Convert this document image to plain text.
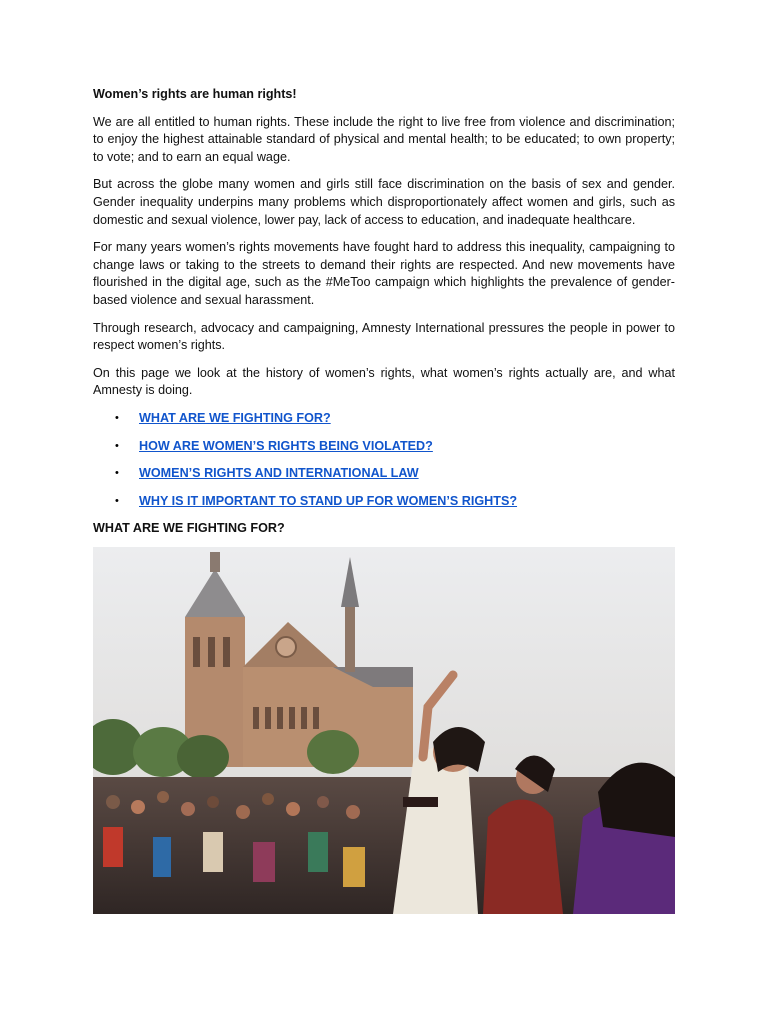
Women’s rights are human rights!

We are all entitled to human rights. These include the right to live free from violence and discrimination; to enjoy the highest attainable standard of physical and mental health; to be educated; to own property; to vote; and to earn an equal wage.

But across the globe many women and girls still face discrimination on the basis of sex and gender. Gender inequality underpins many problems which disproportionately affect women and girls, such as domestic and sexual violence, lower pay, lack of access to education, and inadequate healthcare.

For many years women’s rights movements have fought hard to address this inequality, campaigning to change laws or taking to the streets to demand their rights are respected. And new movements have flourished in the digital age, such as the #MeToo campaign which highlights the prevalence of gender-based violence and sexual harassment.

Through research, advocacy and campaigning, Amnesty International pressures the people in power to respect women’s rights.

On this page we look at the history of women’s rights, what women’s rights actually are, and what Amnesty is doing.

• WHAT ARE WE FIGHTING FOR?
• HOW ARE WOMEN’S RIGHTS BEING VIOLATED?
• WOMEN’S RIGHTS AND INTERNATIONAL LAW
• WHY IS IT IMPORTANT TO STAND UP FOR WOMEN’S RIGHTS?

WHAT ARE WE FIGHTING FOR?
